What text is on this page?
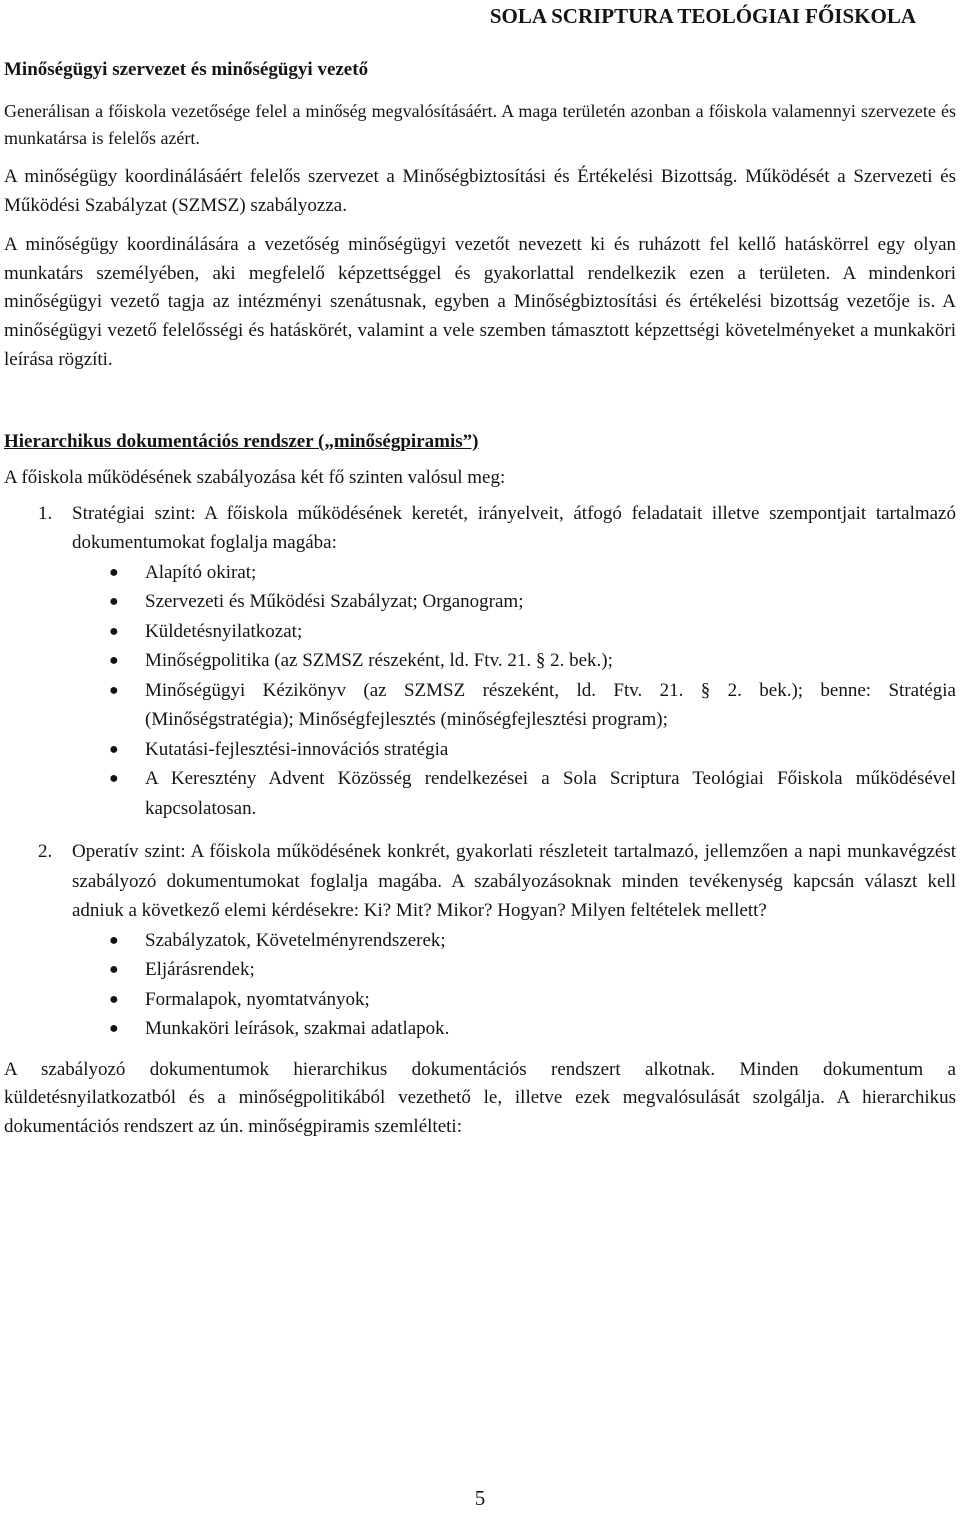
SOLA SCRIPTURA TEOLÓGIAI FŐISKOLA
Minőségügyi szervezet és minőségügyi vezető

Generálisan a főiskola vezetősége felel a minőség megvalósításáért. A maga területén azonban a főiskola valamennyi szervezete és munkatársa is felelős azért.

A minőségügy koordinálásáért felelős szervezet a Minőségbiztosítási és Értékelési Bizottság. Működését a Szervezeti és Működési Szabályzat (SZMSZ) szabályozza.

A minőségügy koordinálására a vezetőség minőségügyi vezetőt nevezett ki és ruházott fel kellő hatáskörrel egy olyan munkatárs személyében, aki megfelelő képzettséggel és gyakorlattal rendelkezik ezen a területen. A mindenkori minőségügyi vezető tagja az intézményi szenátusnak, egyben a Minőségbiztosítási és értékelési bizottság vezetője is. A minőségügyi vezető felelősségi és hatáskörét, valamint a vele szemben támasztott képzettségi követelményeket a munkaköri leírása rögzíti.

Hierarchikus dokumentációs rendszer („minőségpiramis”)

A főiskola működésének szabályozása két fő szinten valósul meg:

1. Stratégiai szint: A főiskola működésének keretét, irányelveit, átfogó feladatait illetve szempontjait tartalmazó dokumentumokat foglalja magába:
●	Alapító okirat;
●	Szervezeti és Működési Szabályzat; Organogram;
●	Küldetésnyilatkozat;
●	Minőségpolitika (az SZMSZ részeként, ld. Ftv. 21. § 2. bek.);
●	Minőségügyi Kézikönyv (az SZMSZ részeként, ld. Ftv. 21. § 2. bek.); benne: Stratégia (Minőségstratégia); Minőségfejlesztés (minőségfejlesztési program);
●	Kutatási-fejlesztési-innovációs stratégia
●	A Keresztény Advent Közösség rendelkezései a Sola Scriptura Teológiai Főiskola működésével kapcsolatosan.
2. Operatív szint: A főiskola működésének konkrét, gyakorlati részleteit tartalmazó, jellemzően a napi munkavégzést szabályozó dokumentumokat foglalja magába. A szabályozásoknak minden tevékenység kapcsán választ kell adniuk a következő elemi kérdésekre: Ki? Mit? Mikor? Hogyan? Milyen feltételek mellett?
●	Szabályzatok, Követelményrendszerek;
●	Eljárásrendek;
●	Formalapok, nyomtatványok;
●	Munkaköri leírások, szakmai adatlapok.

A szabályozó dokumentumok hierarchikus dokumentációs rendszert alkotnak. Minden dokumentum a küldetésnyilatkozatból és a minőségpolitikából vezethető le, illetve ezek megvalósulását szolgálja. A hierarchikus dokumentációs rendszert az ún. minőségpiramis szemlélteti:

5
